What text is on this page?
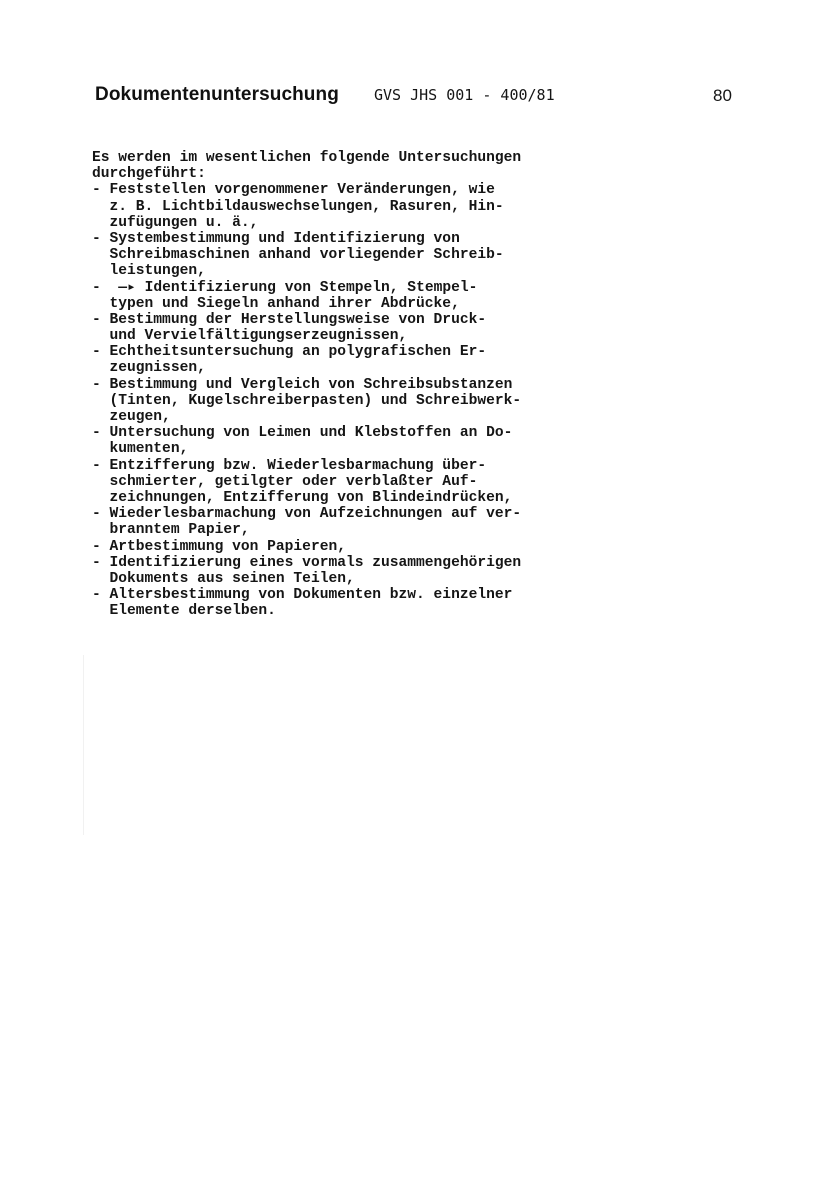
Dokumentenuntersuchung GVS JHS 001 - 400/81	80
Es werden im wesentlichen folgende Untersuchungen
durchgeführt:
- Feststellen vorgenommener Veränderungen, wie
z. B. Lichtbildauswechselungen, Rasuren, Hin-
zufügungen u. ä.,
- Systembestimmung und Identifizierung von
Schreibmaschinen anhand vorliegender Schreib-
leistungen,
-  —▸ Identifizierung von Stempeln, Stempel-
typen und Siegeln anhand ihrer Abdrücke,
- Bestimmung der Herstellungsweise von Druck-
und Vervielfältigungserzeugnissen,
- Echtheitsuntersuchung an polygrafischen Er-
zeugnissen,
- Bestimmung und Vergleich von Schreibsubstanzen
(Tinten, Kugelschreiberpasten) und Schreibwerk-
zeugen,
- Untersuchung von Leimen und Klebstoffen an Do-
kumenten,
- Entzifferung bzw. Wiederlesbarmachung über-
schmierter, getilgter oder verblaßter Auf-
zeichnungen, Entzifferung von Blindeindrücken,
- Wiederlesbarmachung von Aufzeichnungen auf ver-
branntem Papier,
- Artbestimmung von Papieren,
- Identifizierung eines vormals zusammengehörigen
Dokuments aus seinen Teilen,
- Altersbestimmung von Dokumenten bzw. einzelner
Elemente derselben.
